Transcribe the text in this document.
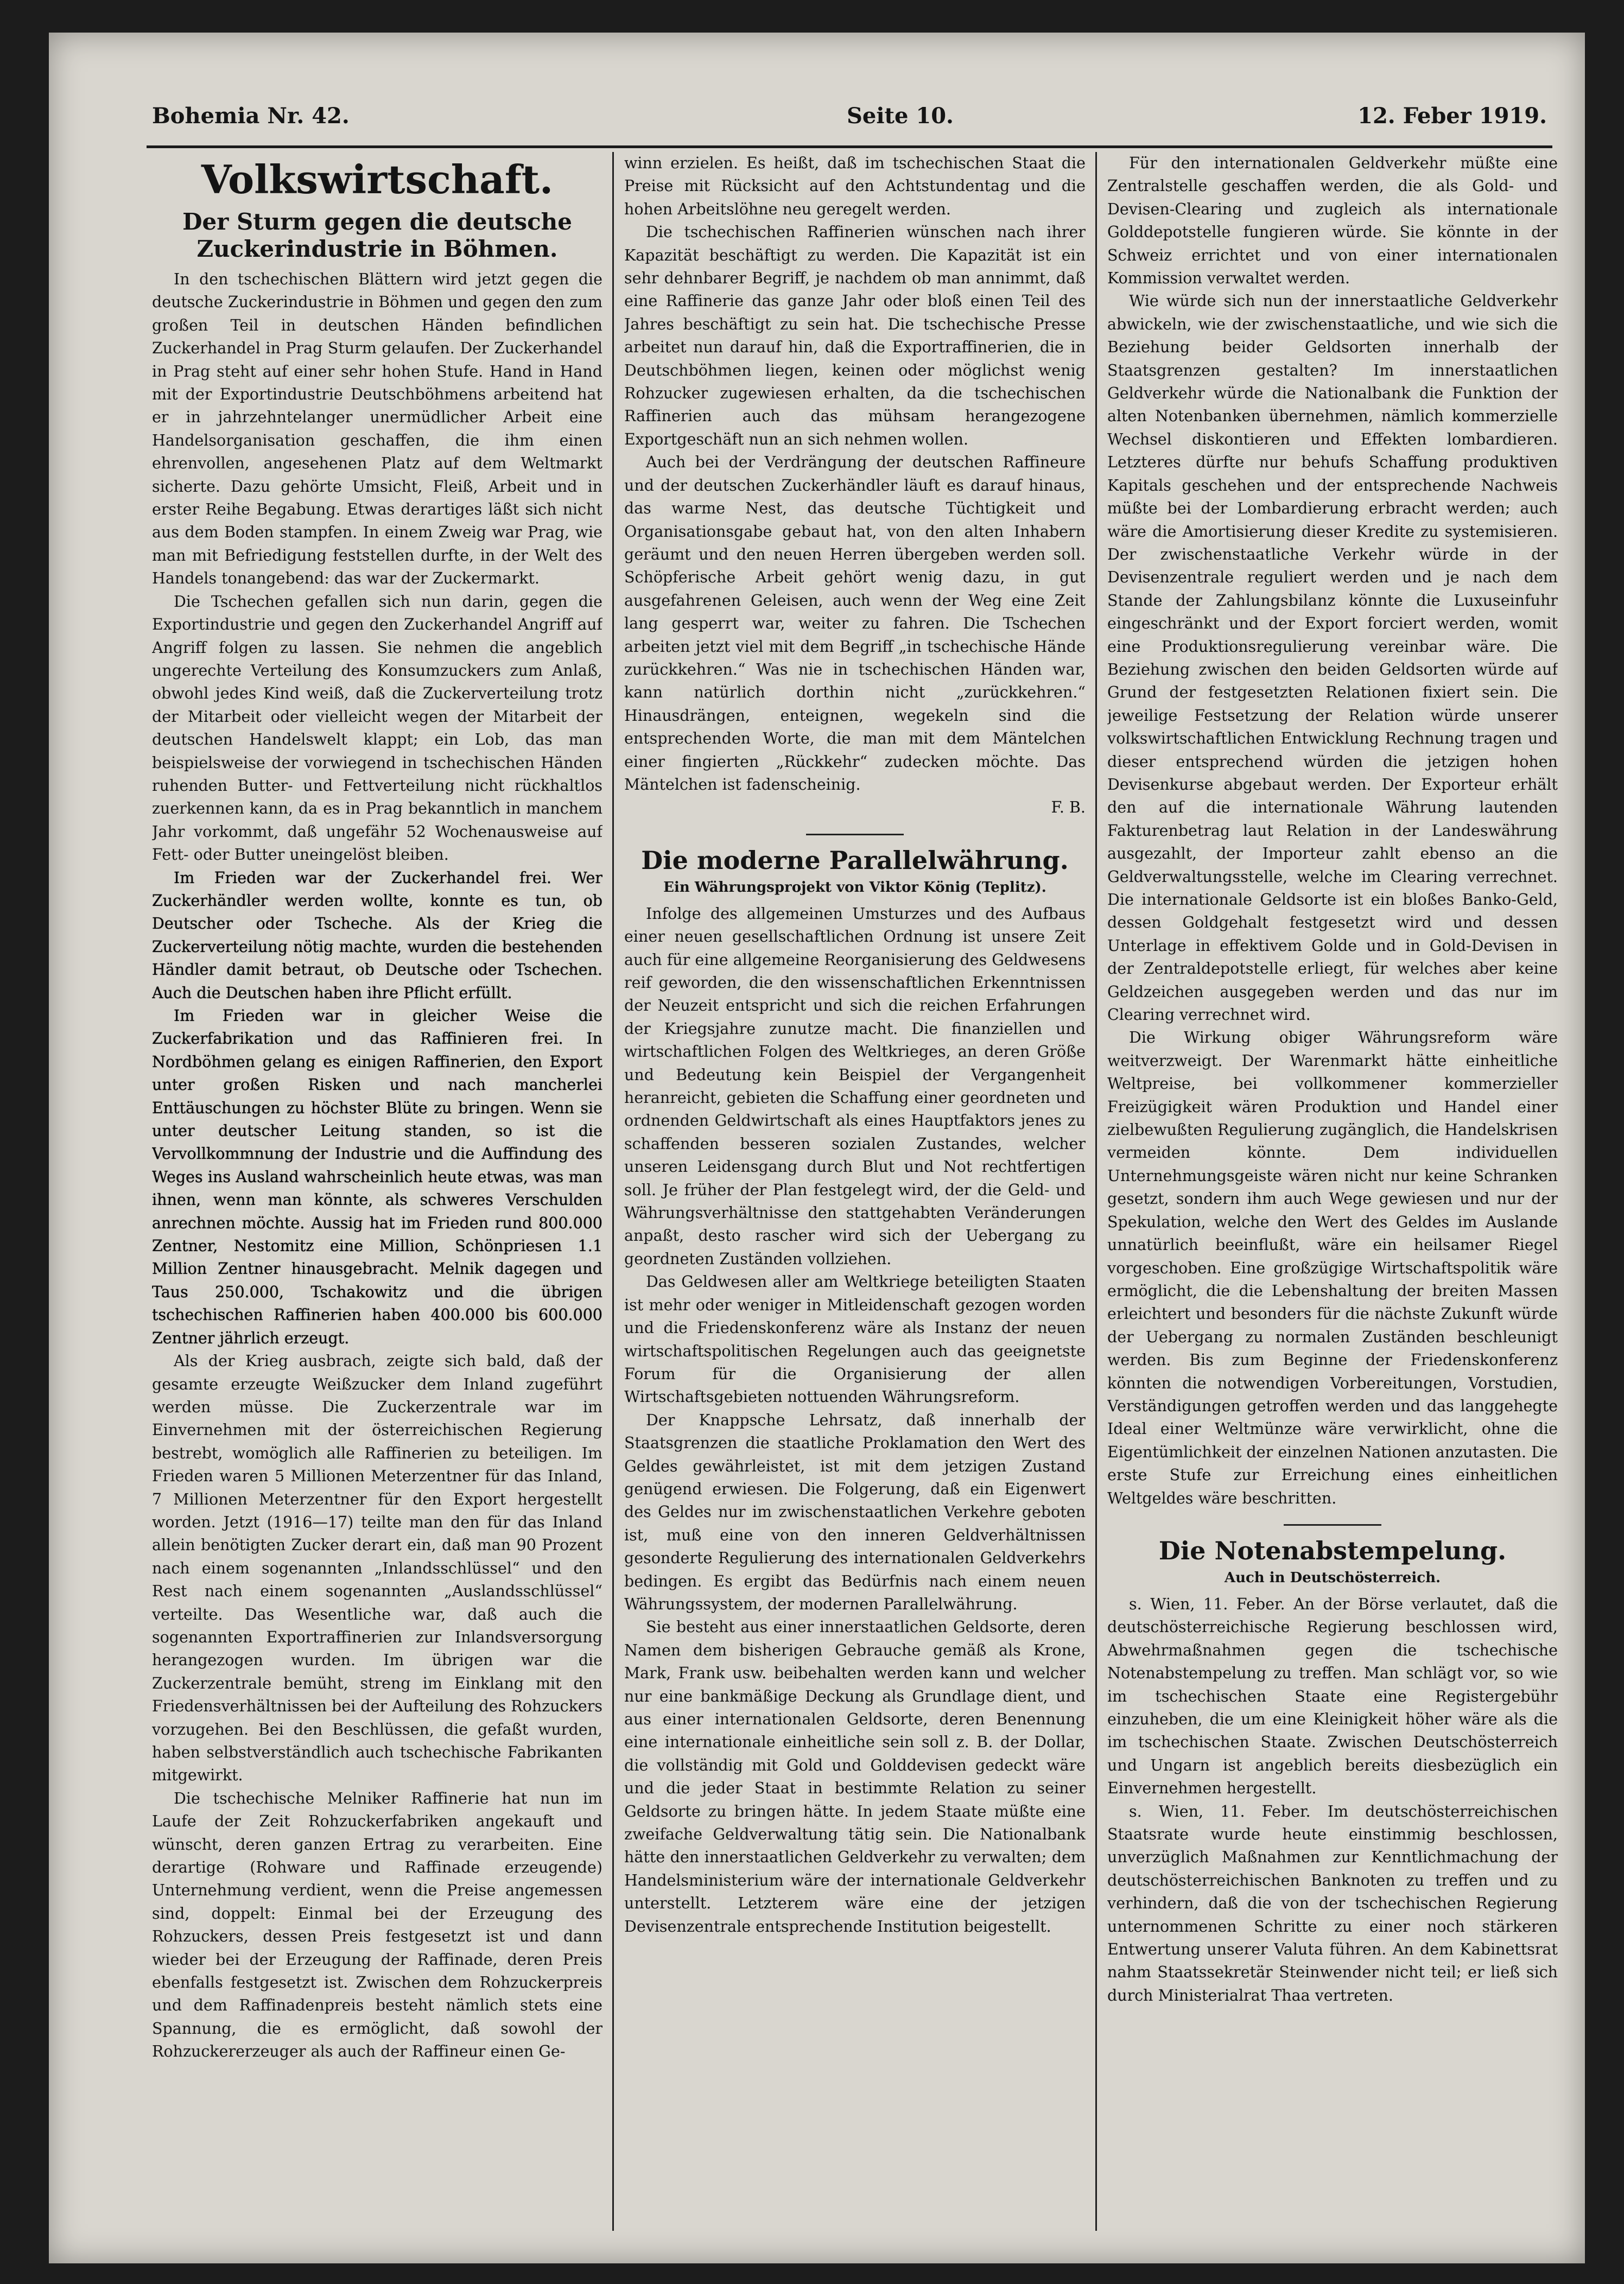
Bohemia Nr. 42.	Seite 10.	12. Feber 1919.
Volkswirtschaft.
Der Sturm gegen die deutsche Zuckerindustrie in Böhmen.

In den tschechischen Blättern wird jetzt gegen die deutsche Zuckerindustrie in Böhmen und gegen den zum großen Teil in deutschen Händen befindlichen Zuckerhandel in Prag Sturm gelaufen. Der Zuckerhandel in Prag steht auf einer sehr hohen Stufe. Hand in Hand mit der Exportindustrie Deutschböhmens arbeitend hat er in jahrzehntelanger unermüdlicher Arbeit eine Handelsorganisation geschaffen, die ihm einen ehrenvollen, angesehenen Platz auf dem Weltmarkt sicherte. Dazu gehörte Umsicht, Fleiß, Arbeit und in erster Reihe Begabung. Etwas derartiges läßt sich nicht aus dem Boden stampfen. In einem Zweig war Prag, wie man mit Befriedigung feststellen durfte, in der Welt des Handels tonangebend: das war der Zuckermarkt.

Die Tschechen gefallen sich nun darin, gegen die Exportindustrie und gegen den Zuckerhandel Angriff auf Angriff folgen zu lassen. Sie nehmen die angeblich ungerechte Verteilung des Konsumzuckers zum Anlaß, obwohl jedes Kind weiß, daß die Zuckerverteilung trotz der Mitarbeit oder vielleicht wegen der Mitarbeit der deutschen Handelswelt klappt; ein Lob, das man beispielsweise der vorwiegend in tschechischen Händen ruhenden Butter- und Fettverteilung nicht rückhaltlos zuerkennen kann, da es in Prag bekanntlich in manchem Jahr vorkommt, daß ungefähr 52 Wochenausweise auf Fett- oder Butter uneingelöst bleiben.

Im Frieden war der Zuckerhandel frei. Wer Zuckerhändler werden wollte, konnte es tun, ob Deutscher oder Tscheche. Als der Krieg die Zuckerverteilung nötig machte, wurden die bestehenden Händler damit betraut, ob Deutsche oder Tschechen. Auch die Deutschen haben ihre Pflicht erfüllt.

Im Frieden war in gleicher Weise die Zuckerfabrikation und das Raffinieren frei. In Nordböhmen gelang es einigen Raffinerien, den Export unter großen Risken und nach mancherlei Enttäuschungen zu höchster Blüte zu bringen. Wenn sie unter deutscher Leitung standen, so ist die Vervollkommnung der Industrie und die Auffindung des Weges ins Ausland wahrscheinlich heute etwas, was man ihnen, wenn man könnte, als schweres Verschulden anrechnen möchte. Aussig hat im Frieden rund 800.000 Zentner, Nestomitz eine Million, Schönpriesen 1.1 Million Zentner hinausgebracht. Melnik dagegen und Taus 250.000, Tschakowitz und die übrigen tschechischen Raffinerien haben 400.000 bis 600.000 Zentner jährlich erzeugt.

Als der Krieg ausbrach, zeigte sich bald, daß der gesamte erzeugte Weißzucker dem Inland zugeführt werden müsse. Die Zuckerzentrale war im Einvernehmen mit der österreichischen Regierung bestrebt, womöglich alle Raffinerien zu beteiligen. Im Frieden waren 5 Millionen Meterzentner für das Inland, 7 Millionen Meterzentner für den Export hergestellt worden. Jetzt (1916—17) teilte man den für das Inland allein benötigten Zucker derart ein, daß man 90 Prozent nach einem sogenannten „Inlandsschlüssel“ und den Rest nach einem sogenannten „Auslandsschlüssel“ verteilte. Das Wesentliche war, daß auch die sogenannten Exportraffinerien zur Inlandsversorgung herangezogen wurden. Im übrigen war die Zuckerzentrale bemüht, streng im Einklang mit den Friedensverhältnissen bei der Aufteilung des Rohzuckers vorzugehen. Bei den Beschlüssen, die gefaßt wurden, haben selbstverständlich auch tschechische Fabrikanten mitgewirkt.

Die tschechische Melniker Raffinerie hat nun im Laufe der Zeit Rohzuckerfabriken angekauft und wünscht, deren ganzen Ertrag zu verarbeiten. Eine derartige (Rohware und Raffinade erzeugende) Unternehmung verdient, wenn die Preise angemessen sind, doppelt: Einmal bei der Erzeugung des Rohzuckers, dessen Preis festgesetzt ist und dann wieder bei der Erzeugung der Raffinade, deren Preis ebenfalls festgesetzt ist. Zwischen dem Rohzuckerpreis und dem Raffinadenpreis besteht nämlich stets eine Spannung, die es ermöglicht, daß sowohl der Rohzuckererzeuger als auch der Raffineur einen Ge-

winn erzielen. Es heißt, daß im tschechischen Staat die Preise mit Rücksicht auf den Achtstundentag und die hohen Arbeitslöhne neu geregelt werden.

Die tschechischen Raffinerien wünschen nach ihrer Kapazität beschäftigt zu werden. Die Kapazität ist ein sehr dehnbarer Begriff, je nachdem ob man annimmt, daß eine Raffinerie das ganze Jahr oder bloß einen Teil des Jahres beschäftigt zu sein hat. Die tschechische Presse arbeitet nun darauf hin, daß die Exportraffinerien, die in Deutschböhmen liegen, keinen oder möglichst wenig Rohzucker zugewiesen erhalten, da die tschechischen Raffinerien auch das mühsam herangezogene Exportgeschäft nun an sich nehmen wollen.

Auch bei der Verdrängung der deutschen Raffineure und der deutschen Zuckerhändler läuft es darauf hinaus, das warme Nest, das deutsche Tüchtigkeit und Organisationsgabe gebaut hat, von den alten Inhabern geräumt und den neuen Herren übergeben werden soll. Schöpferische Arbeit gehört wenig dazu, in gut ausgefahrenen Geleisen, auch wenn der Weg eine Zeit lang gesperrt war, weiter zu fahren. Die Tschechen arbeiten jetzt viel mit dem Begriff „in tschechische Hände zurückkehren.“ Was nie in tschechischen Händen war, kann natürlich dorthin nicht „zurückkehren.“ Hinausdrängen, enteignen, wegekeln sind die entsprechenden Worte, die man mit dem Mäntelchen einer fingierten „Rückkehr“ zudecken möchte. Das Mäntelchen ist fadenscheinig.

F. B.

Die moderne Parallelwährung.
Ein Währungsprojekt von Viktor König (Teplitz).

Infolge des allgemeinen Umsturzes und des Aufbaus einer neuen gesellschaftlichen Ordnung ist unsere Zeit auch für eine allgemeine Reorganisierung des Geldwesens reif geworden, die den wissenschaftlichen Erkenntnissen der Neuzeit entspricht und sich die reichen Erfahrungen der Kriegsjahre zunutze macht. Die finanziellen und wirtschaftlichen Folgen des Weltkrieges, an deren Größe und Bedeutung kein Beispiel der Vergangenheit heranreicht, gebieten die Schaffung einer geordneten und ordnenden Geldwirtschaft als eines Hauptfaktors jenes zu schaffenden besseren sozialen Zustandes, welcher unseren Leidensgang durch Blut und Not rechtfertigen soll. Je früher der Plan festgelegt wird, der die Geld- und Währungsverhältnisse den stattgehabten Veränderungen anpaßt, desto rascher wird sich der Uebergang zu geordneten Zuständen vollziehen.

Das Geldwesen aller am Weltkriege beteiligten Staaten ist mehr oder weniger in Mitleidenschaft gezogen worden und die Friedenskonferenz wäre als Instanz der neuen wirtschaftspolitischen Regelungen auch das geeignetste Forum für die Organisierung der allen Wirtschaftsgebieten nottuenden Währungsreform.

Der Knappsche Lehrsatz, daß innerhalb der Staatsgrenzen die staatliche Proklamation den Wert des Geldes gewährleistet, ist mit dem jetzigen Zustand genügend erwiesen. Die Folgerung, daß ein Eigenwert des Geldes nur im zwischenstaatlichen Verkehre geboten ist, muß eine von den inneren Geldverhältnissen gesonderte Regulierung des internationalen Geldverkehrs bedingen. Es ergibt das Bedürfnis nach einem neuen Währungssystem, der modernen Parallelwährung.

Sie besteht aus einer innerstaatlichen Geldsorte, deren Namen dem bisherigen Gebrauche gemäß als Krone, Mark, Frank usw. beibehalten werden kann und welcher nur eine bankmäßige Deckung als Grundlage dient, und aus einer internationalen Geldsorte, deren Benennung eine internationale einheitliche sein soll z. B. der Dollar, die vollständig mit Gold und Golddevisen gedeckt wäre und die jeder Staat in bestimmte Relation zu seiner Geldsorte zu bringen hätte. In jedem Staate müßte eine zweifache Geldverwaltung tätig sein. Die Nationalbank hätte den innerstaatlichen Geldverkehr zu verwalten; dem Handelsministerium wäre der internationale Geldverkehr unterstellt. Letzterem wäre eine der jetzigen Devisenzentrale entsprechende Institution beigestellt.

Für den internationalen Geldverkehr müßte eine Zentralstelle geschaffen werden, die als Gold- und Devisen-Clearing und zugleich als internationale Golddepotstelle fungieren würde. Sie könnte in der Schweiz errichtet und von einer internationalen Kommission verwaltet werden.

Wie würde sich nun der innerstaatliche Geldverkehr abwickeln, wie der zwischenstaatliche, und wie sich die Beziehung beider Geldsorten innerhalb der Staatsgrenzen gestalten? Im innerstaatlichen Geldverkehr würde die Nationalbank die Funktion der alten Notenbanken übernehmen, nämlich kommerzielle Wechsel diskontieren und Effekten lombardieren. Letzteres dürfte nur behufs Schaffung produktiven Kapitals geschehen und der entsprechende Nachweis müßte bei der Lombardierung erbracht werden; auch wäre die Amortisierung dieser Kredite zu systemisieren. Der zwischenstaatliche Verkehr würde in der Devisenzentrale reguliert werden und je nach dem Stande der Zahlungsbilanz könnte die Luxuseinfuhr eingeschränkt und der Export forciert werden, womit eine Produktionsregulierung vereinbar wäre. Die Beziehung zwischen den beiden Geldsorten würde auf Grund der festgesetzten Relationen fixiert sein. Die jeweilige Festsetzung der Relation würde unserer volkswirtschaftlichen Entwicklung Rechnung tragen und dieser entsprechend würden die jetzigen hohen Devisenkurse abgebaut werden. Der Exporteur erhält den auf die internationale Währung lautenden Fakturenbetrag laut Relation in der Landeswährung ausgezahlt, der Importeur zahlt ebenso an die Geldverwaltungsstelle, welche im Clearing verrechnet. Die internationale Geldsorte ist ein bloßes Banko-Geld, dessen Goldgehalt festgesetzt wird und dessen Unterlage in effektivem Golde und in Gold-Devisen in der Zentraldepotstelle erliegt, für welches aber keine Geldzeichen ausgegeben werden und das nur im Clearing verrechnet wird.

Die Wirkung obiger Währungsreform wäre weitverzweigt. Der Warenmarkt hätte einheitliche Weltpreise, bei vollkommener kommerzieller Freizügigkeit wären Produktion und Handel einer zielbewußten Regulierung zugänglich, die Handelskrisen vermeiden könnte. Dem individuellen Unternehmungsgeiste wären nicht nur keine Schranken gesetzt, sondern ihm auch Wege gewiesen und nur der Spekulation, welche den Wert des Geldes im Auslande unnatürlich beeinflußt, wäre ein heilsamer Riegel vorgeschoben. Eine großzügige Wirtschaftspolitik wäre ermöglicht, die die Lebenshaltung der breiten Massen erleichtert und besonders für die nächste Zukunft würde der Uebergang zu normalen Zuständen beschleunigt werden. Bis zum Beginne der Friedenskonferenz könnten die notwendigen Vorbereitungen, Vorstudien, Verständigungen getroffen werden und das langgehegte Ideal einer Weltmünze wäre verwirklicht, ohne die Eigentümlichkeit der einzelnen Nationen anzutasten. Die erste Stufe zur Erreichung eines einheitlichen Weltgeldes wäre beschritten.

Die Notenabstempelung.
Auch in Deutschösterreich.

s. Wien, 11. Feber. An der Börse verlautet, daß die deutschösterreichische Regierung beschlossen wird, Abwehrmaßnahmen gegen die tschechische Notenabstempelung zu treffen. Man schlägt vor, so wie im tschechischen Staate eine Registergebühr einzuheben, die um eine Kleinigkeit höher wäre als die im tschechischen Staate. Zwischen Deutschösterreich und Ungarn ist angeblich bereits diesbezüglich ein Einvernehmen hergestellt.

s. Wien, 11. Feber. Im deutschösterreichischen Staatsrate wurde heute einstimmig beschlossen, unverzüglich Maßnahmen zur Kenntlichmachung der deutschösterreichischen Banknoten zu treffen und zu verhindern, daß die von der tschechischen Regierung unternommenen Schritte zu einer noch stärkeren Entwertung unserer Valuta führen. An dem Kabinettsrat nahm Staatssekretär Steinwender nicht teil; er ließ sich durch Ministerialrat Thaa vertreten.
